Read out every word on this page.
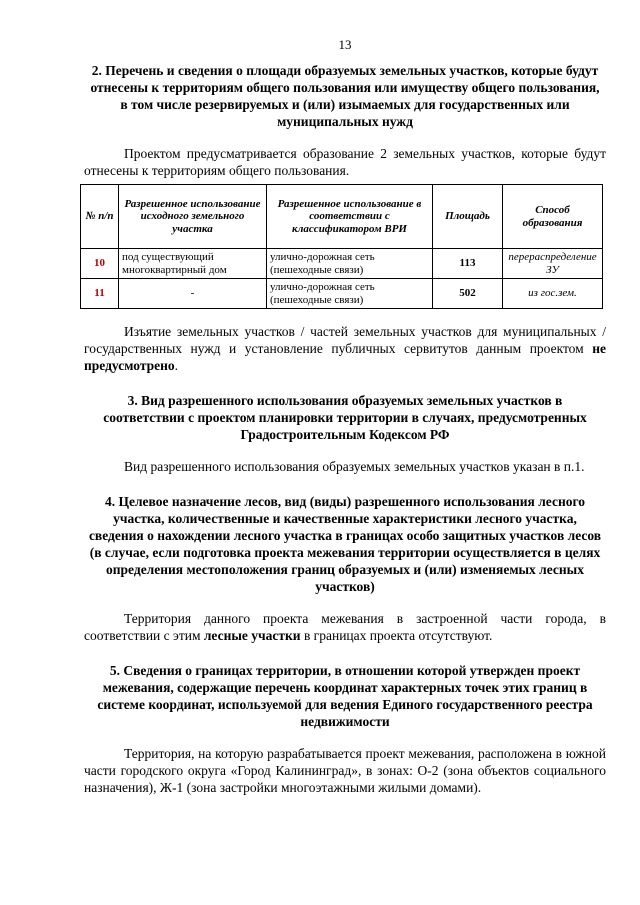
13
2. Перечень и сведения о площади образуемых земельных участков, которые будут отнесены к территориям общего пользования или имуществу общего пользования, в том числе резервируемых и (или) изымаемых для государственных или муниципальных нужд

Проектом предусматривается образование 2 земельных участков, которые будут отнесены к территориям общего пользования.

№ п/п	Разрешенное использование исходного земельного участка	Разрешенное использование в соответствии с классификатором ВРИ	Площадь	Способ образования
10	под существующий многоквартирный дом	улично-дорожная сеть (пешеходные связи)	113	перераспределение ЗУ
11	-	улично-дорожная сеть (пешеходные связи)	502	из гос.зем.

Изъятие земельных участков / частей земельных участков для муниципальных / государственных нужд и установление публичных сервитутов данным проектом не предусмотрено.

3. Вид разрешенного использования образуемых земельных участков в соответствии с проектом планировки территории в случаях, предусмотренных Градостроительным Кодексом РФ

Вид разрешенного использования образуемых земельных участков указан в п.1.

4. Целевое назначение лесов, вид (виды) разрешенного использования лесного участка, количественные и качественные характеристики лесного участка, сведения о нахождении лесного участка в границах особо защитных участков лесов (в случае, если подготовка проекта межевания территории осуществляется в целях определения местоположения границ образуемых и (или) изменяемых лесных участков)

Территория данного проекта межевания в застроенной части города, в соответствии с этим лесные участки в границах проекта отсутствуют.

5. Сведения о границах территории, в отношении которой утвержден проект межевания, содержащие перечень координат характерных точек этих границ в системе координат, используемой для ведения Единого государственного реестра недвижимости

Территория, на которую разрабатывается проект межевания, расположена в южной части городского округа «Город Калининград», в зонах: О-2 (зона объектов социального назначения), Ж-1 (зона застройки многоэтажными жилыми домами).
